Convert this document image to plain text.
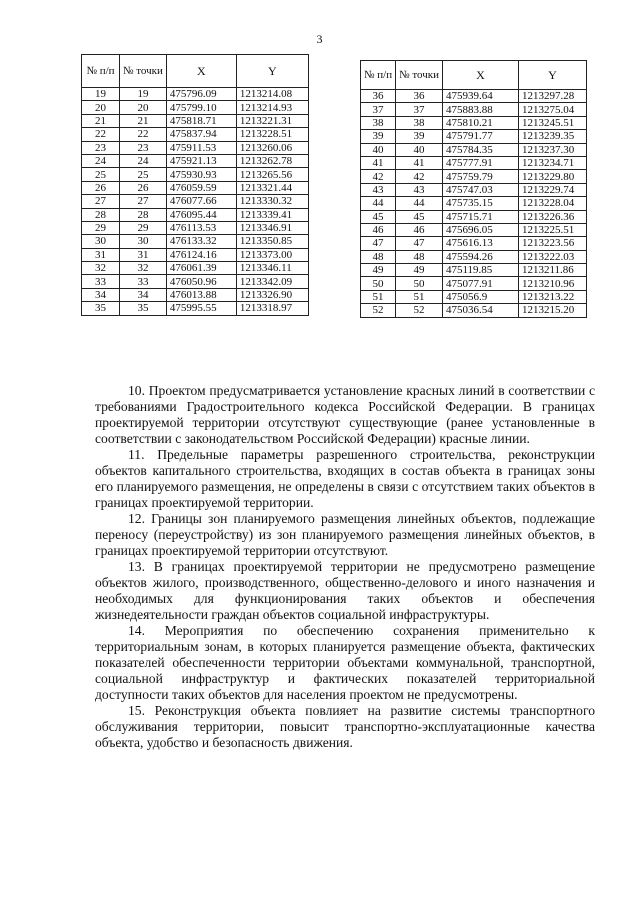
3
№ п/п	№ точки	X	Y
19	19	475796.09	1213214.08
20	20	475799.10	1213214.93
21	21	475818.71	1213221.31
22	22	475837.94	1213228.51
23	23	475911.53	1213260.06
24	24	475921.13	1213262.78
25	25	475930.93	1213265.56
26	26	476059.59	1213321.44
27	27	476077.66	1213330.32
28	28	476095.44	1213339.41
29	29	476113.53	1213346.91
30	30	476133.32	1213350.85
31	31	476124.16	1213373.00
32	32	476061.39	1213346.11
33	33	476050.96	1213342.09
34	34	476013.88	1213326.90
35	35	475995.55	1213318.97
№ п/п	№ точки	X	Y
36	36	475939.64	1213297.28
37	37	475883.88	1213275.04
38	38	475810.21	1213245.51
39	39	475791.77	1213239.35
40	40	475784.35	1213237.30
41	41	475777.91	1213234.71
42	42	475759.79	1213229.80
43	43	475747.03	1213229.74
44	44	475735.15	1213228.04
45	45	475715.71	1213226.36
46	46	475696.05	1213225.51
47	47	475616.13	1213223.56
48	48	475594.26	1213222.03
49	49	475119.85	1213211.86
50	50	475077.91	1213210.96
51	51	475056.9	1213213.22
52	52	475036.54	1213215.20

10. Проектом предусматривается установление красных линий в соответствии с требованиями Градостроительного кодекса Российской Федерации. В границах проектируемой территории отсутствуют существующие (ранее установленные в соответствии с законодательством Российской Федерации) красные линии.

11. Предельные параметры разрешенного строительства, реконструкции объектов капитального строительства, входящих в состав объекта в границах зоны его планируемого размещения, не определены в связи с отсутствием таких объектов в границах проектируемой территории.

12. Границы зон планируемого размещения линейных объектов, подлежащие переносу (переустройству) из зон планируемого размещения линейных объектов, в границах проектируемой территории отсутствуют.

13. В границах проектируемой территории не предусмотрено размещение объектов жилого, производственного, общественно-делового и иного назначения и необходимых для функционирования таких объектов и обеспечения жизнедеятельности граждан объектов социальной инфраструктуры.

14. Мероприятия по обеспечению сохранения применительно к территориальным зонам, в которых планируется размещение объекта, фактических показателей обеспеченности территории объектами коммунальной, транспортной, социальной инфраструктур и фактических показателей территориальной доступности таких объектов для населения проектом не предусмотрены.

15. Реконструкция объекта повлияет на развитие системы транспортного обслуживания территории, повысит транспортно-эксплуатационные качества объекта, удобство и безопасность движения.
